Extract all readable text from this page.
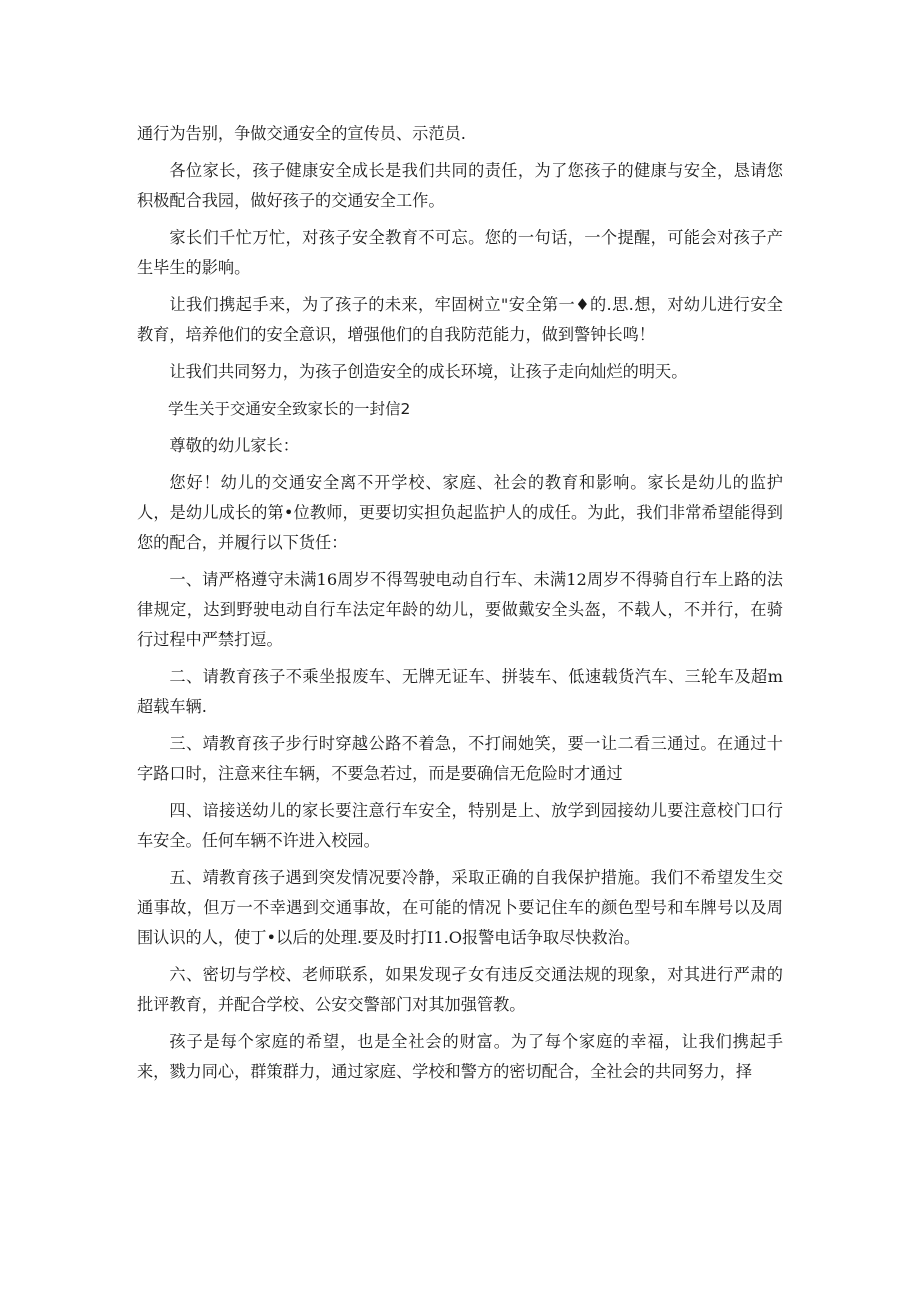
通行为告别，争做交通安全的宣传员、示范员.

各位家长，孩子健康安全成长是我们共同的责任，为了您孩子的健康与安全，恳请您积极配合我园，做好孩子的交通安全工作。

家长们千忙万忙，对孩子安全教育不可忘。您的一句话，一个提醒，可能会对孩子产生毕生的影响。

让我们携起手来，为了孩子的未来，牢固树立"安全第一♦的.思.想，对幼儿进行安全教育，培养他们的安全意识，增强他们的自我防范能力，做到警钟长鸣！

让我们共同努力，为孩子创造安全的成长环境，让孩子走向灿烂的明天。

学生关于交通安全致家长的一封信2

尊敬的幼儿家长：

您好！幼儿的交通安全离不开学校、家庭、社会的教育和影响。家长是幼儿的监护人，是幼儿成长的第•位教师，更要切实担负起监护人的成任。为此，我们非常希望能得到您的配合，并履行以下货任：

一、请严格遵守未满16周岁不得驾驶电动自行车、未满12周岁不得骑自行车上路的法律规定，达到野驶电动自行车法定年龄的幼儿，要做戴安全头盔，不载人，不并行，在骑行过程中严禁打逗。

二、请教育孩子不乘坐报废车、无牌无证车、拼装车、低速载货汽车、三轮车及超m超载车辆.

三、靖教育孩子步行时穿越公路不着急，不打闹她笑，要一让二看三通过。在通过十字路口时，注意来往车辆，不要急若过，而是要确信无危险时才通过

四、谙接送幼儿的家长要注意行车安全，特别是上、放学到园接幼儿要注意校门口行车安全。任何车辆不许进入校园。

五、靖教育孩子遇到突发情况要冷静，采取正确的自我保护措施。我们不希望发生交通事故，但万一不幸遇到交通事故，在可能的情况卜要记住车的颜色型号和车牌号以及周围认识的人，使丁•以后的处理.要及时打I1.O报警电话争取尽快救治。

六、密切与学校、老师联系，如果发现孑女有违反交通法规的现象，对其进行严肃的批评教育，并配合学校、公安交警部门对其加强管教。

孩子是每个家庭的希望，也是全社会的财富。为了每个家庭的幸福，让我们携起手来，戮力同心，群策群力，通过家庭、学校和警方的密切配合，全社会的共同努力，择
